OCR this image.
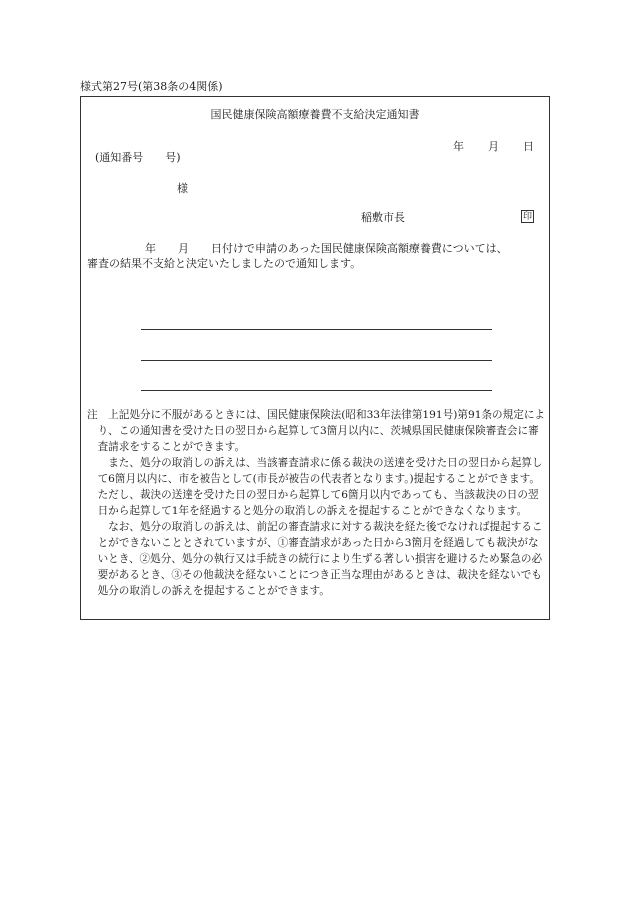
様式第27号(第38条の4関係)
国民健康保険高額療養費不支給決定通知書
年 月 日
(通知番号　　号)
様
稲敷市長	印
年　　月　　日付けで申請のあった国民健康保険高額療養費については、
審査の結果不支給と決定いたしましたので通知します。

注　上記処分に不服があるときには、国民健康保険法(昭和33年法律第191号)第91条の規定により、この通知書を受けた日の翌日から起算して3箇月以内に、茨城県国民健康保険審査会に審査請求をすることができます。

また、処分の取消しの訴えは、当該審査請求に係る裁決の送達を受けた日の翌日から起算して6箇月以内に、市を被告として(市長が被告の代表者となります。)提起することができます。ただし、裁決の送達を受けた日の翌日から起算して6箇月以内であっても、当該裁決の日の翌日から起算して1年を経過すると処分の取消しの訴えを提起することができなくなります。

なお、処分の取消しの訴えは、前記の審査請求に対する裁決を経た後でなければ提起することができないこととされていますが、①審査請求があった日から3箇月を経過しても裁決がないとき、②処分、処分の執行又は手続きの続行により生ずる著しい損害を避けるため緊急の必要があるとき、③その他裁決を経ないことにつき正当な理由があるときは、裁決を経ないでも処分の取消しの訴えを提起することができます。
